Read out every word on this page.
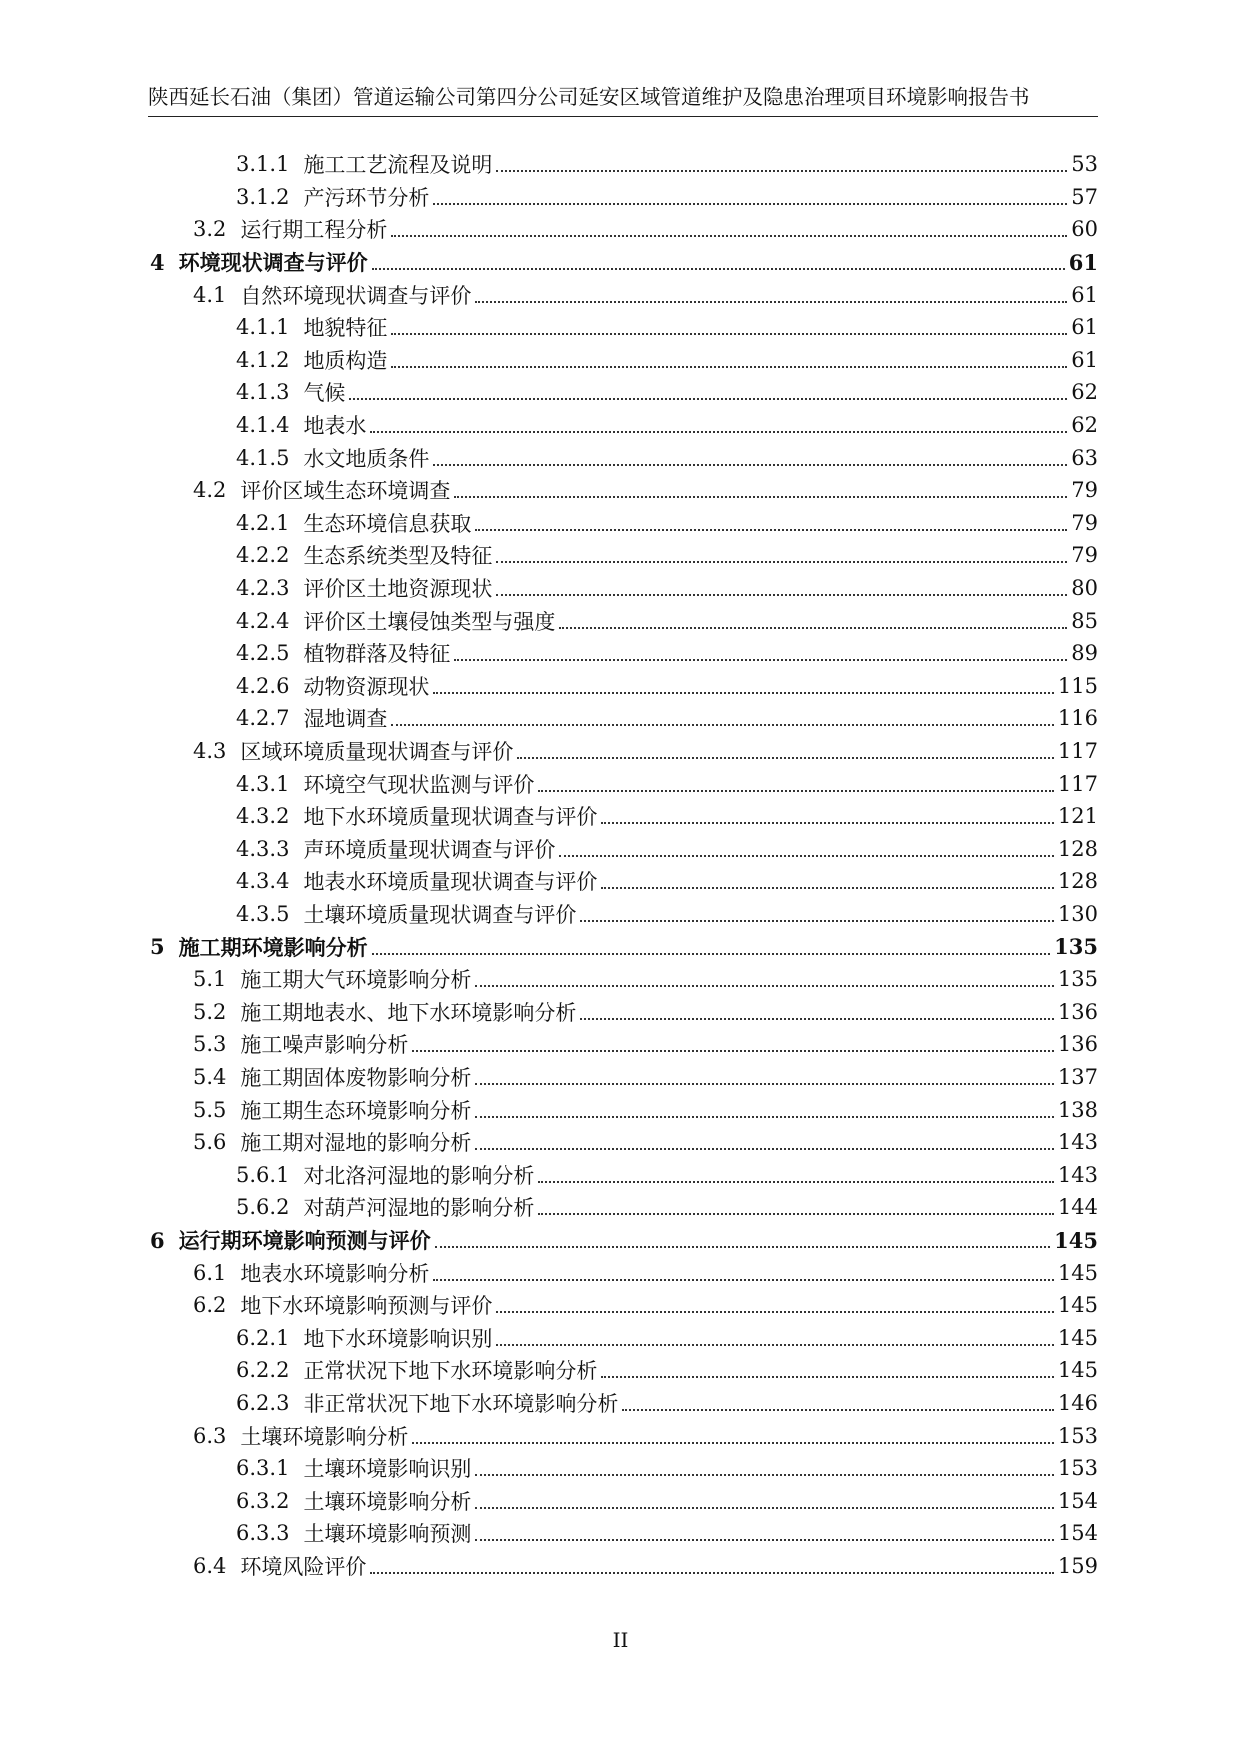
陕西延长石油（集团）管道运输公司第四分公司延安区域管道维护及隐患治理项目环境影响报告书
3.1.1 施工工艺流程及说明	53
3.1.2 产污环节分析	57
3.2 运行期工程分析	60
4 环境现状调查与评价	61
4.1 自然环境现状调查与评价	61
4.1.1 地貌特征	61
4.1.2 地质构造	61
4.1.3 气候	62
4.1.4 地表水	62
4.1.5 水文地质条件	63
4.2 评价区域生态环境调查	79
4.2.1 生态环境信息获取	79
4.2.2 生态系统类型及特征	79
4.2.3 评价区土地资源现状	80
4.2.4 评价区土壤侵蚀类型与强度	85
4.2.5 植物群落及特征	89
4.2.6 动物资源现状	115
4.2.7 湿地调查	116
4.3 区域环境质量现状调查与评价	117
4.3.1 环境空气现状监测与评价	117
4.3.2 地下水环境质量现状调查与评价	121
4.3.3 声环境质量现状调查与评价	128
4.3.4 地表水环境质量现状调查与评价	128
4.3.5 土壤环境质量现状调查与评价	130
5 施工期环境影响分析	135
5.1 施工期大气环境影响分析	135
5.2 施工期地表水、地下水环境影响分析	136
5.3 施工噪声影响分析	136
5.4 施工期固体废物影响分析	137
5.5 施工期生态环境影响分析	138
5.6 施工期对湿地的影响分析	143
5.6.1 对北洛河湿地的影响分析	143
5.6.2 对葫芦河湿地的影响分析	144
6 运行期环境影响预测与评价	145
6.1 地表水环境影响分析	145
6.2 地下水环境影响预测与评价	145
6.2.1 地下水环境影响识别	145
6.2.2 正常状况下地下水环境影响分析	145
6.2.3 非正常状况下地下水环境影响分析	146
6.3 土壤环境影响分析	153
6.3.1 土壤环境影响识别	153
6.3.2 土壤环境影响分析	154
6.3.3 土壤环境影响预测	154
6.4 环境风险评价	159
II
